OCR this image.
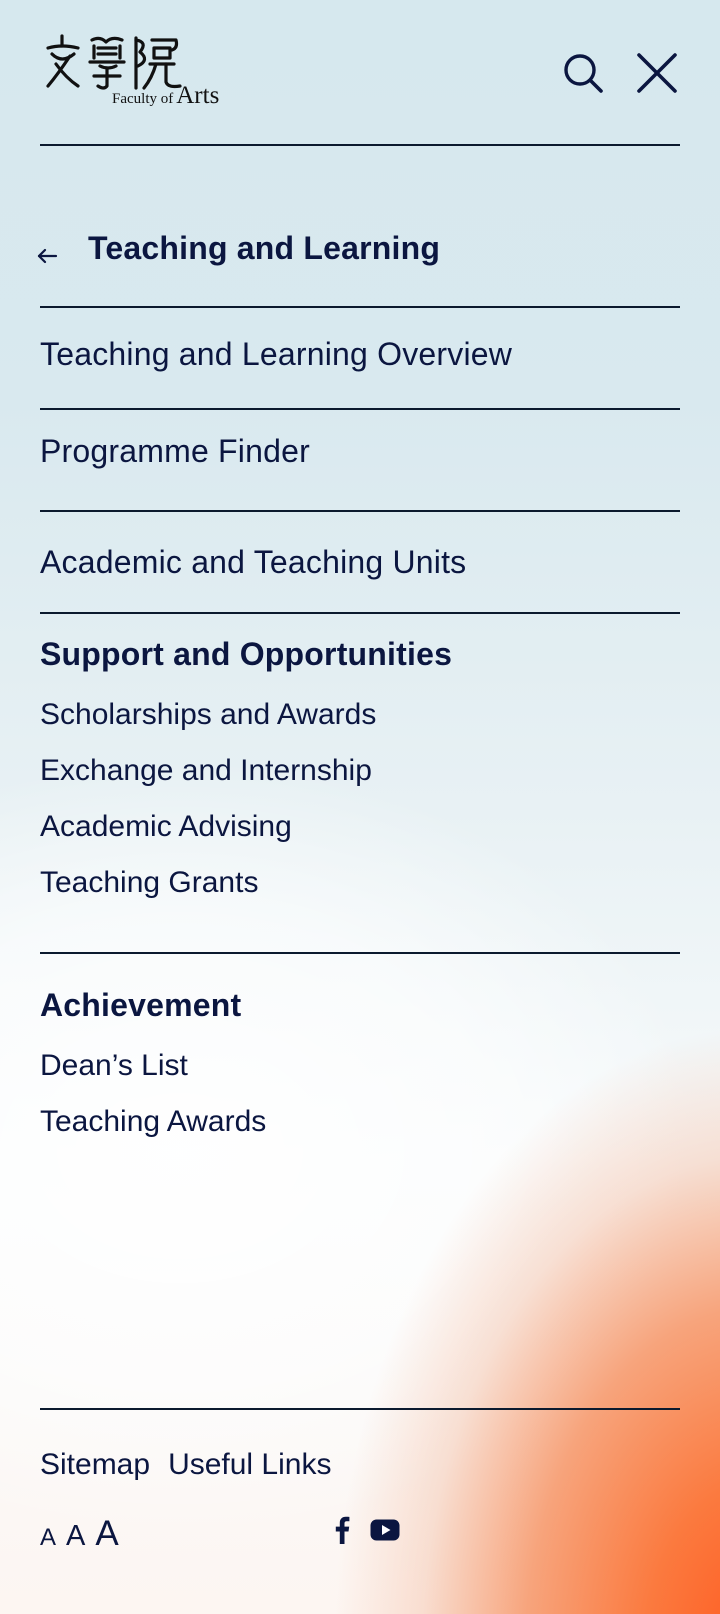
Faculty of Arts
Teaching and Learning
Teaching and Learning Overview
Programme Finder
Academic and Teaching Units
Support and Opportunities
Scholarships and Awards
Exchange and Internship
Academic Advising
Teaching Grants
Achievement
Dean’s List
Teaching Awards
Sitemap Useful Links
A A A
